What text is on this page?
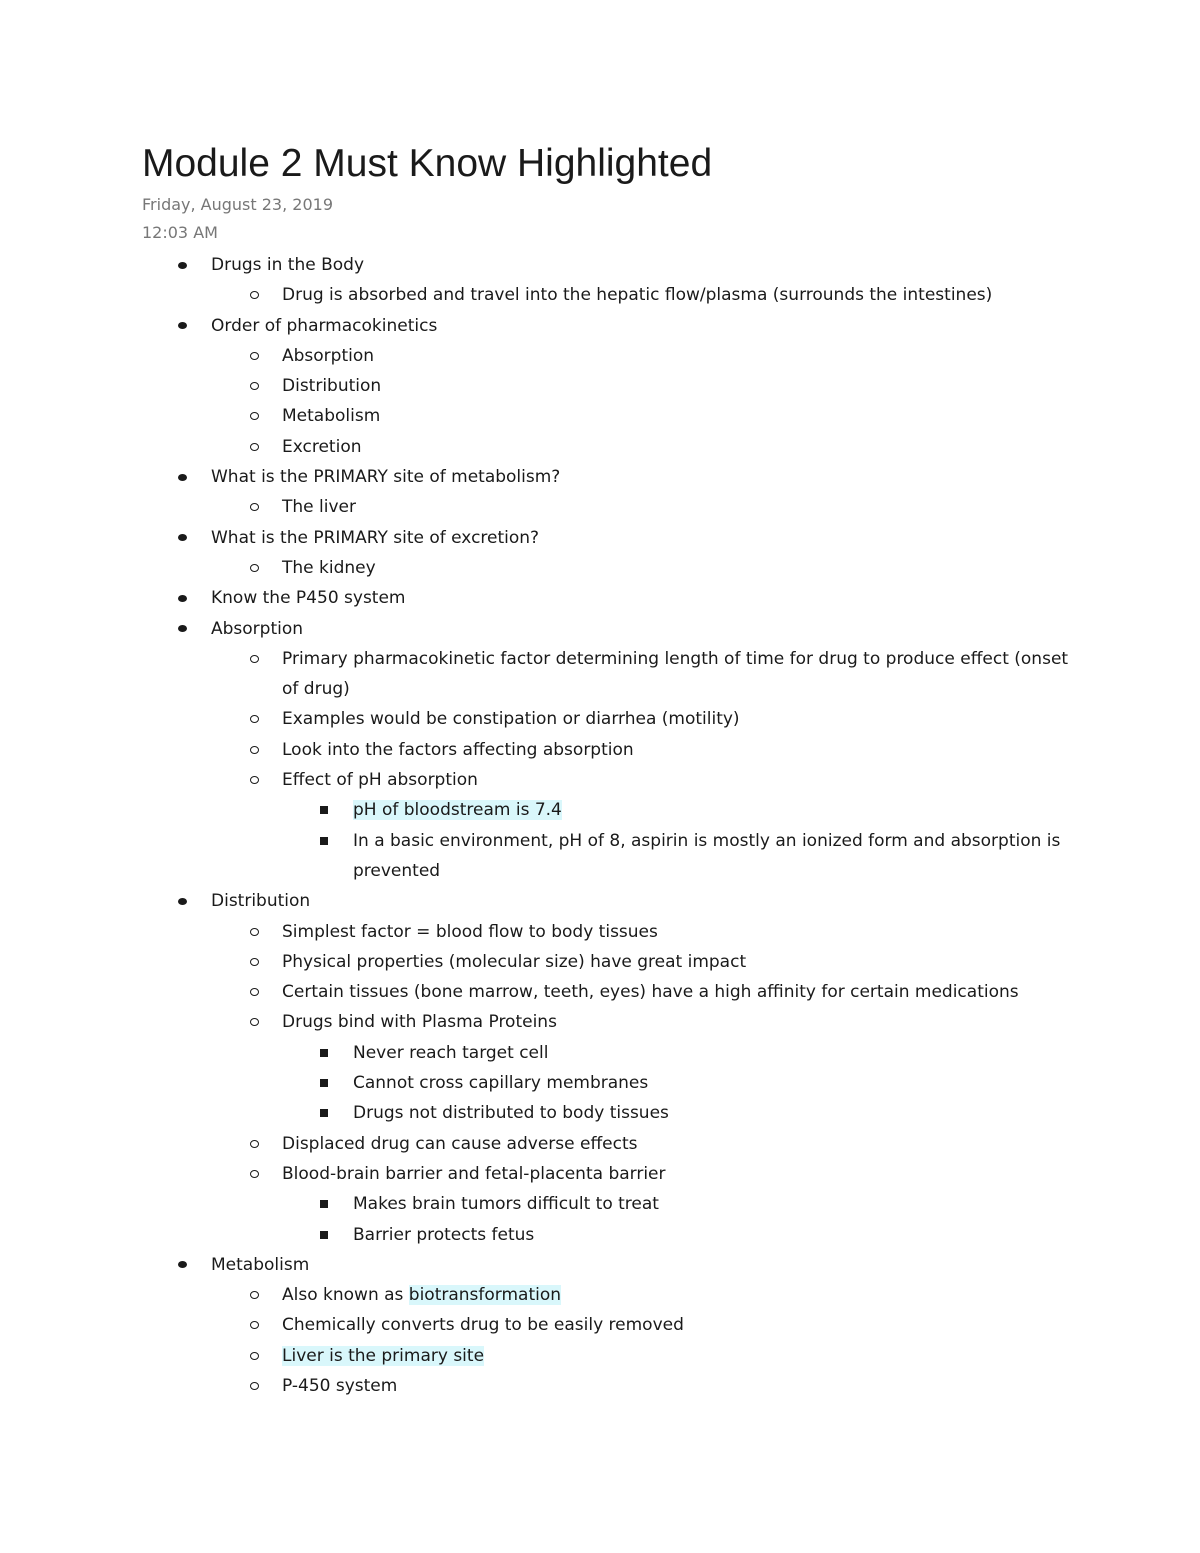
Module 2 Must Know Highlighted
Friday, August 23, 2019
12:03 AM
Drugs in the Body
Drug is absorbed and travel into the hepatic flow/plasma (surrounds the intestines)
Order of pharmacokinetics
Absorption
Distribution
Metabolism
Excretion
What is the PRIMARY site of metabolism?
The liver
What is the PRIMARY site of excretion?
The kidney
Know the P450 system
Absorption
Primary pharmacokinetic factor determining length of time for drug to produce effect (onset of drug)
Examples would be constipation or diarrhea (motility)
Look into the factors affecting absorption
Effect of pH absorption
pH of bloodstream is 7.4
In a basic environment, pH of 8, aspirin is mostly an ionized form and absorption is prevented
Distribution
Simplest factor = blood flow to body tissues
Physical properties (molecular size) have great impact
Certain tissues (bone marrow, teeth, eyes) have a high affinity for certain medications
Drugs bind with Plasma Proteins
Never reach target cell
Cannot cross capillary membranes
Drugs not distributed to body tissues
Displaced drug can cause adverse effects
Blood-brain barrier and fetal-placenta barrier
Makes brain tumors difficult to treat
Barrier protects fetus
Metabolism
Also known as biotransformation
Chemically converts drug to be easily removed
Liver is the primary site
P-450 system
